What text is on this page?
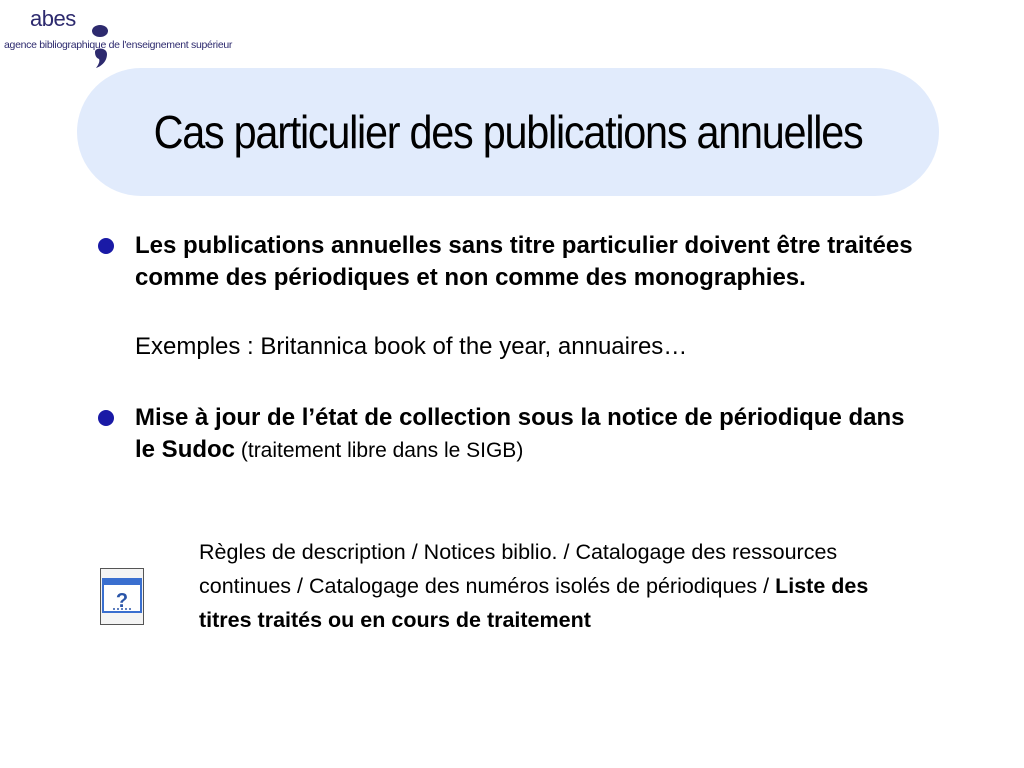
abes
agence bibliographique de l'enseignement supérieur
Cas particulier des publications annuelles
Les publications annuelles sans titre particulier doivent être traitées comme des périodiques et non comme des monographies.
Exemples : Britannica book of the year, annuaires…
Mise à jour de l’état de collection sous la notice de périodique dans le Sudoc (traitement libre dans le SIGB)
?
Règles de description / Notices biblio. / Catalogage des ressources continues / Catalogage des numéros isolés de périodiques / Liste des titres traités ou en cours de traitement
